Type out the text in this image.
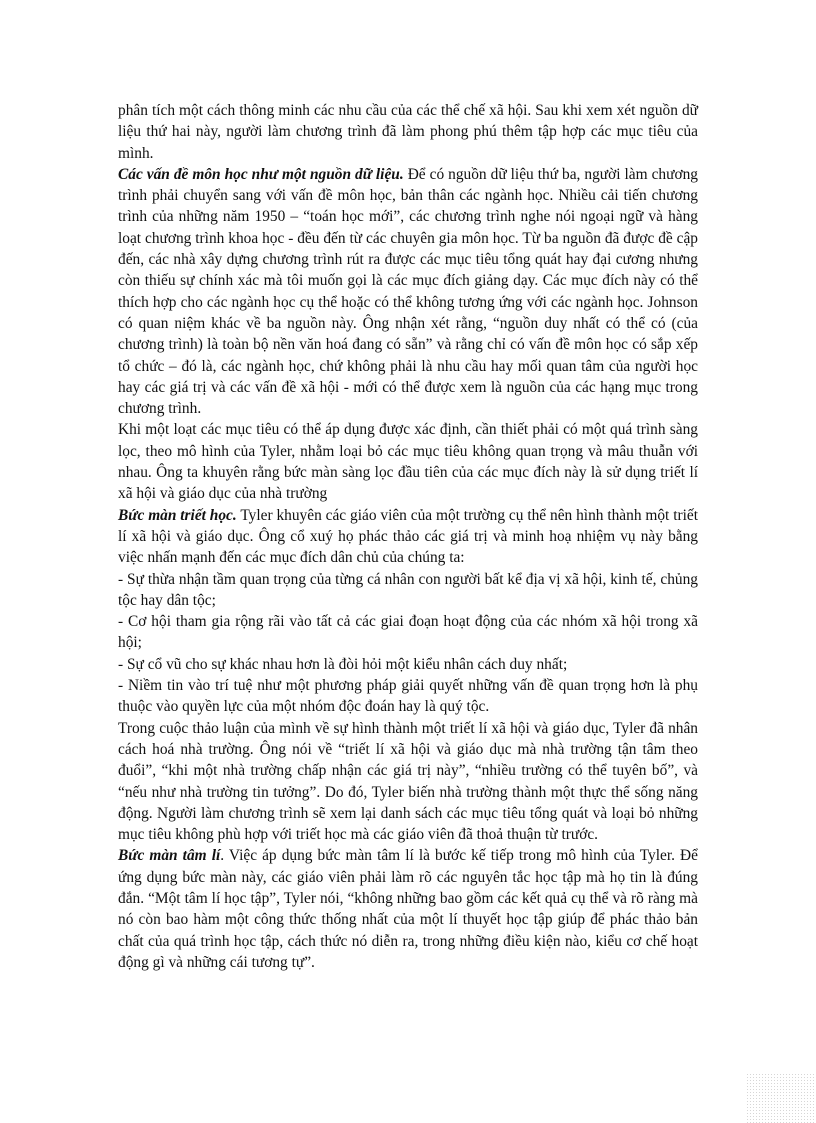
phân tích một cách thông minh các nhu cầu của các thể chế xã hội. Sau khi xem xét nguồn dữ liệu thứ hai này, người làm chương trình đã làm phong phú thêm tập hợp các mục tiêu của mình.

Các vấn đề môn học như một nguồn dữ liệu. Để có nguồn dữ liệu thứ ba, người làm chương trình phải chuyển sang với vấn đề môn học, bản thân các ngành học. Nhiều cải tiến chương trình của những năm 1950 – “toán học mới”, các chương trình nghe nói ngoại ngữ và hàng loạt chương trình khoa học - đều đến từ các chuyên gia môn học. Từ ba nguồn đã được đề cập đến, các nhà xây dựng chương trình rút ra được các mục tiêu tổng quát hay đại cương nhưng còn thiếu sự chính xác mà tôi muốn gọi là các mục đích giảng dạy. Các mục đích này có thể thích hợp cho các ngành học cụ thể hoặc có thể không tương ứng với các ngành học. Johnson có quan niệm khác về ba nguồn này. Ông nhận xét rằng, “nguồn duy nhất có thể có (của chương trình) là toàn bộ nền văn hoá đang có sẵn” và rằng chỉ có vấn đề môn học có sắp xếp tổ chức – đó là, các ngành học, chứ không phải là nhu cầu hay mối quan tâm của người học hay các giá trị và các vấn đề xã hội - mới có thể được xem là nguồn của các hạng mục trong chương trình.

Khi một loạt các mục tiêu có thể áp dụng được xác định, cần thiết phải có một quá trình sàng lọc, theo mô hình của Tyler, nhằm loại bỏ các mục tiêu không quan trọng và mâu thuẫn với nhau. Ông ta khuyên rằng bức màn sàng lọc đầu tiên của các mục đích này là sử dụng triết lí xã hội và giáo dục của nhà trường

Bức màn triết học. Tyler khuyên các giáo viên của một trường cụ thể nên hình thành một triết lí xã hội và giáo dục. Ông cổ xuý họ phác thảo các giá trị và minh hoạ nhiệm vụ này bằng việc nhấn mạnh đến các mục đích dân chủ của chúng ta:

- Sự thừa nhận tầm quan trọng của từng cá nhân con người bất kể địa vị xã hội, kinh tế, chủng tộc hay dân tộc;

- Cơ hội tham gia rộng rãi vào tất cả các giai đoạn hoạt động của các nhóm xã hội trong xã hội;

- Sự cổ vũ cho sự khác nhau hơn là đòi hỏi một kiểu nhân cách duy nhất;

- Niềm tin vào trí tuệ như một phương pháp giải quyết những vấn đề quan trọng hơn là phụ thuộc vào quyền lực của một nhóm độc đoán hay là quý tộc.

Trong cuộc thảo luận của mình về sự hình thành một triết lí xã hội và giáo dục, Tyler đã nhân cách hoá nhà trường. Ông nói về “triết lí xã hội và giáo dục mà nhà trường tận tâm theo đuổi”, “khi một nhà trường chấp nhận các giá trị này”, “nhiều trường có thể tuyên bố”, và “nếu như nhà trường tin tưởng”. Do đó, Tyler biến nhà trường thành một thực thể sống năng động. Người làm chương trình sẽ xem lại danh sách các mục tiêu tổng quát và loại bỏ những mục tiêu không phù hợp với triết học mà các giáo viên đã thoả thuận từ trước.

Bức màn tâm lí. Việc áp dụng bức màn tâm lí là bước kế tiếp trong mô hình của Tyler. Để ứng dụng bức màn này, các giáo viên phải làm rõ các nguyên tắc học tập mà họ tin là đúng đắn. “Một tâm lí học tập”, Tyler nói, “không những bao gồm các kết quả cụ thể và rõ ràng mà nó còn bao hàm một công thức thống nhất của một lí thuyết học tập giúp để phác thảo bản chất của quá trình học tập, cách thức nó diễn ra, trong những điều kiện nào, kiểu cơ chế hoạt động gì và những cái tương tự”.
